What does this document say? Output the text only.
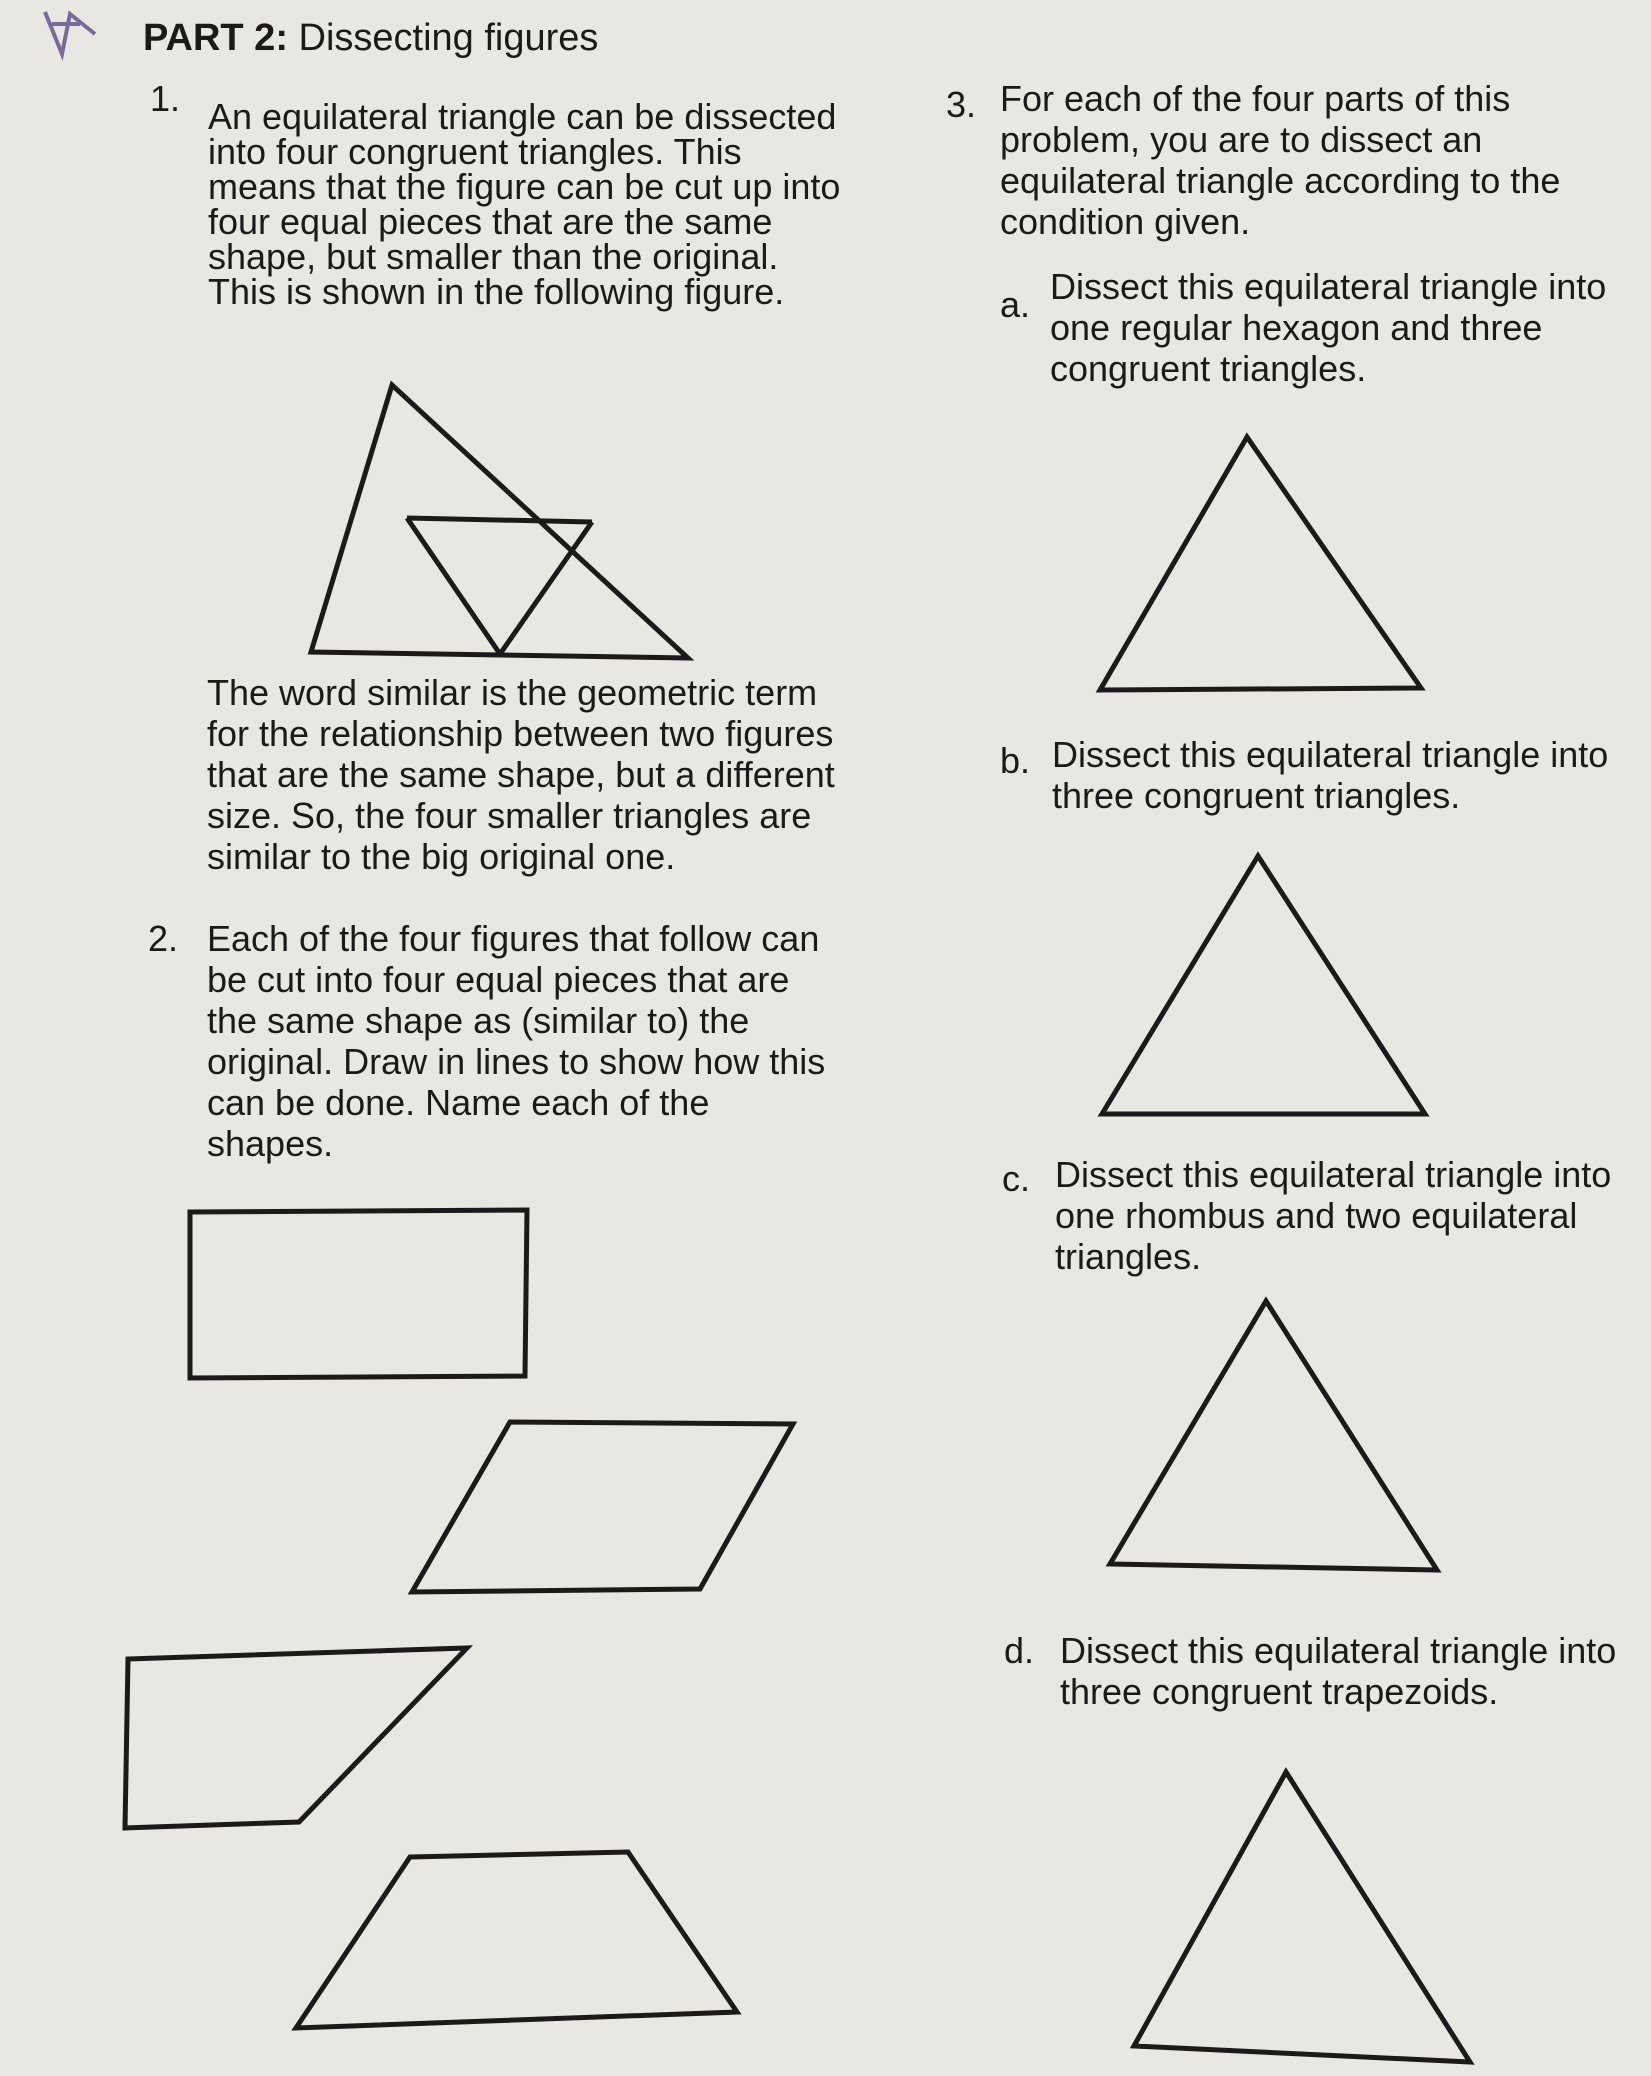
PART 2: Dissecting figures
1. An equilateral triangle can be dissected
into four congruent triangles. This
means that the figure can be cut up into
four equal pieces that are the same
shape, but smaller than the original.
This is shown in the following figure.
The word similar is the geometric term
for the relationship between two figures
that are the same shape, but a different
size. So, the four smaller triangles are
similar to the big original one.
2. Each of the four figures that follow can
be cut into four equal pieces that are
the same shape as (similar to) the
original. Draw in lines to show how this
can be done. Name each of the
shapes.
3. For each of the four parts of this
problem, you are to dissect an
equilateral triangle according to the
condition given.
a. Dissect this equilateral triangle into
one regular hexagon and three
congruent triangles.
b. Dissect this equilateral triangle into
three congruent triangles.
c. Dissect this equilateral triangle into
one rhombus and two equilateral
triangles.
d. Dissect this equilateral triangle into
three congruent trapezoids.
